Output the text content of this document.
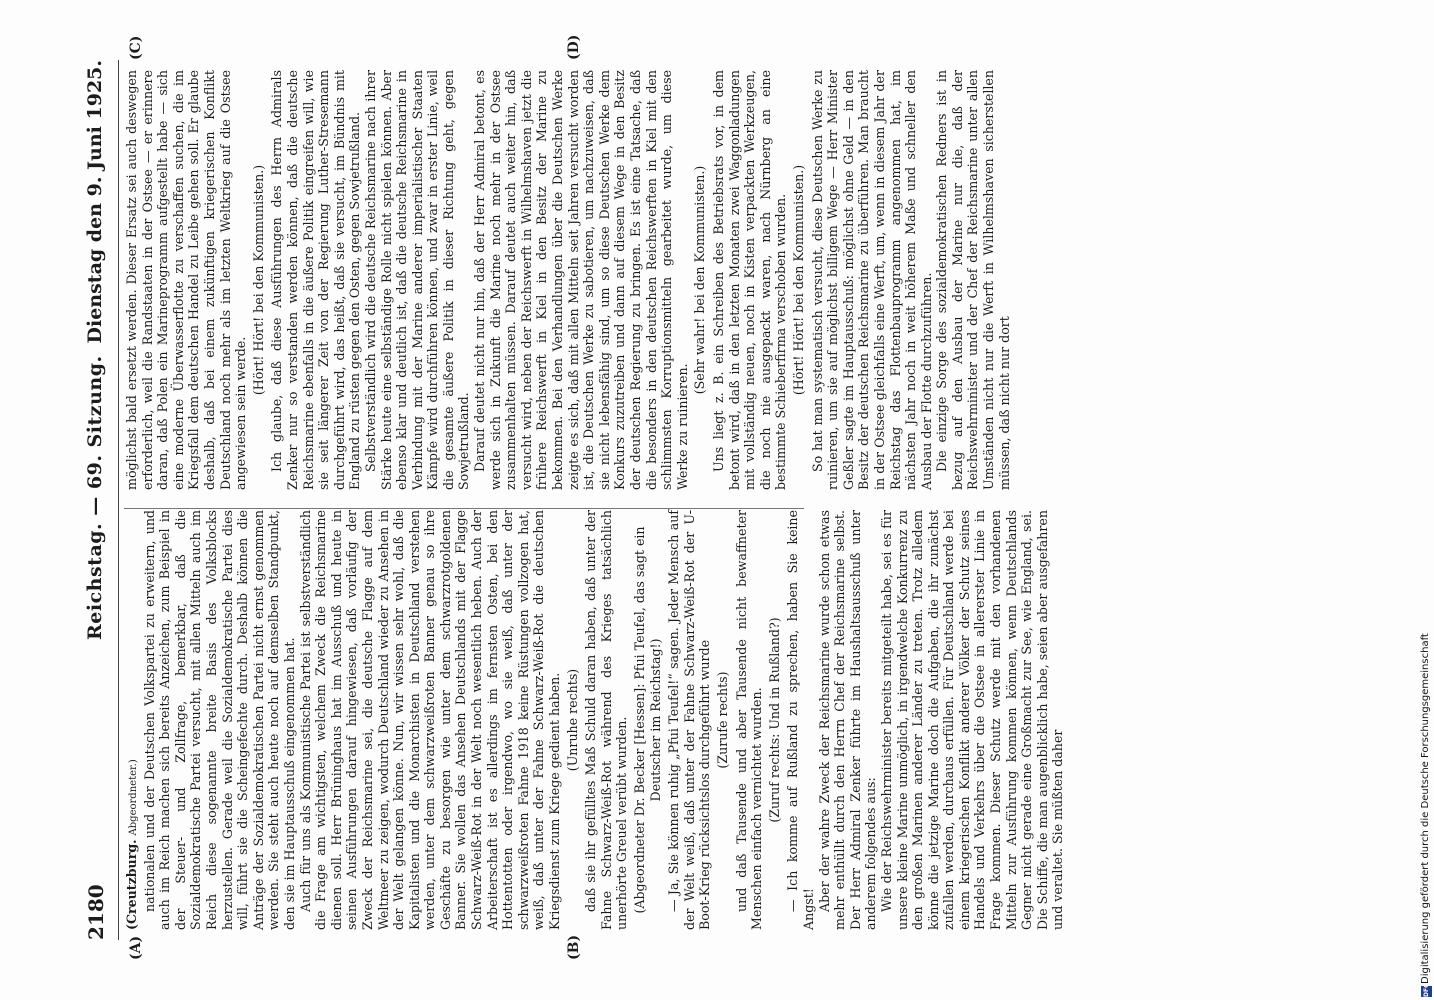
2180
Reichstag. — 69. Sitzung.
Dienstag den 9. Juni 1925.
(A)	(B)
(C)	(D)

(Creutzburg. Abgeordneter.) nationalen und der Deutschen Volkspartei zu erweitern, und auch im Reich machen sich bereits Anzeichen, zum Beispiel in der Steuer- und Zollfrage, bemerkbar, daß die Sozialdemokratische Partei versucht, mit allen Mitteln auch im Reich diese sogenannte breite Basis des Volksblocks herzustellen. Gerade weil die Sozialdemokratische Partei dies will, führt sie die Scheingefechte durch. Deshalb können die Anträge der Sozialdemokratischen Partei nicht ernst genommen werden. Sie steht auch heute noch auf demselben Standpunkt, den sie im Hauptausschuß eingenommen hat. Auch für uns als Kommunistische Partei ist selbstverständlich die Frage am wichtigsten, welchem Zweck die Reichsmarine dienen soll. Herr Brüninghaus hat im Ausschuß und heute in seinen Ausführungen darauf hingewiesen, daß vorläufig der Zweck der Reichsmarine sei, die deutsche Flagge auf dem Weltmeer zu zeigen, wodurch Deutschland wieder zu Ansehen in der Welt gelangen könne. Nun, wir wissen sehr wohl, daß die Kapitalisten und die Monarchisten in Deutschland verstehen werden, unter dem schwarzweißroten Banner genau so ihre Geschäfte zu besorgen wie unter dem schwarzrotgoldenen Banner. Sie wollen das Ansehen Deutschlands mit der Flagge Schwarz-Weiß-Rot in der Welt noch wesentlich heben. Auch der Arbeiterschaft ist es allerdings im fernsten Osten, bei den Hottentotten oder irgendwo, wo sie weiß, daß unter der schwarzweißroten Fahne 1918 keine Rüstungen vollzogen hat, weiß, daß unter der Fahne Schwarz-Weiß-Rot die deutschen Kriegsdienst zum Kriege gedient haben. (Unruhe rechts) daß sie ihr gefülltes Maß Schuld daran haben, daß unter der Fahne Schwarz-Weiß-Rot während des Krieges tatsächlich unerhörte Greuel verübt wurden. (Abgeordneter Dr. Becker [Hessen]: Pfui Teufel, das sagt ein Deutscher im Reichstag!) — Ja, Sie können ruhig „Pfui Teufel!“ sagen. Jeder Mensch auf der Welt weiß, daß unter der Fahne Schwarz-Weiß-Rot der U-Boot-Krieg rücksichtslos durchgeführt wurde (Zurufe rechts) und daß Tausende und aber Tausende nicht bewaffneter Menschen einfach vernichtet wurden. (Zuruf rechts: Und in Rußland?) — Ich komme auf Rußland zu sprechen, haben Sie keine Angst! Aber der wahre Zweck der Reichsmarine wurde schon etwas mehr enthüllt durch den Herrn Chef der Reichsmarine selbst. Der Herr Admiral Zenker führte im Haushaltsausschuß unter anderem folgendes aus: Wie der Reichswehrminister bereits mitgeteilt habe, sei es für unsere kleine Marine unmöglich, in irgendwelche Konkurrenz zu den großen Marinen anderer Länder zu treten. Trotz alledem könne die jetzige Marine doch die Aufgaben, die ihr zunächst zufallen werden, durchaus erfüllen. Für Deutschland werde bei einem kriegerischen Konflikt anderer Völker der Schutz seines Handels und Verkehrs über die Ostsee in allererster Linie in Frage kommen. Dieser Schutz werde mit den vorhandenen Mitteln zur Ausführung kommen können, wenn Deutschlands Gegner nicht gerade eine Großmacht zur See, wie England, sei. Die Schiffe, die man augenblicklich habe, seien aber ausgefahren und veraltet. Sie müßten daher

möglichst bald ersetzt werden. Dieser Ersatz sei auch deswegen erforderlich, weil die Randstaaten in der Ostsee — er erinnere daran, daß Polen ein Marineprogramm aufgestellt habe — sich eine moderne Überwasserflotte zu verschaffen suchen, die im Kriegsfall dem deutschen Handel zu Leibe gehen soll. Er glaube deshalb, daß bei einem zukünftigen kriegerischen Konflikt Deutschland noch mehr als im letzten Weltkrieg auf die Ostsee angewiesen sein werde.

(Hört! Hört! bei den Kommunisten.) Ich glaube, daß diese Ausführungen des Herrn Admirals Zenker nur so verstanden werden können, daß die deutsche Reichsmarine ebenfalls in die äußere Politik eingreifen will, wie sie seit längerer Zeit von der Regierung Luther-Stresemann durchgeführt wird, das heißt, daß sie versucht, im Bündnis mit England zu rüsten gegen den Osten, gegen Sowjetrußland. Selbstverständlich wird die deutsche Reichsmarine nach ihrer Stärke heute eine selbständige Rolle nicht spielen können. Aber ebenso klar und deutlich ist, daß die deutsche Reichsmarine in Verbindung mit der Marine anderer imperialistischer Staaten Kämpfe wird durchführen können, und zwar in erster Linie, weil die gesamte äußere Politik in dieser Richtung geht, gegen Sowjetrußland. Darauf deutet nicht nur hin, daß der Herr Admiral betont, es werde sich in Zukunft die Marine noch mehr in der Ostsee zusammenhalten müssen. Darauf deutet auch weiter hin, daß versucht wird, neben der Reichswerft in Wilhelmshaven jetzt die frühere Reichswerft in Kiel in den Besitz der Marine zu bekommen. Bei den Verhandlungen über die Deutschen Werke zeigte es sich, daß mit allen Mitteln seit Jahren versucht worden ist, die Deutschen Werke zu sabotieren, um nachzuweisen, daß sie nicht lebensfähig sind, um so diese Deutschen Werke dem Konkurs zuzutreiben und dann auf diesem Wege in den Besitz der deutschen Regierung zu bringen. Es ist eine Tatsache, daß die besonders in den deutschen Reichswerften in Kiel mit den schlimmsten Korruptionsmitteln gearbeitet wurde, um diese Werke zu ruinieren.

(Sehr wahr! bei den Kommunisten.) Uns liegt z. B. ein Schreiben des Betriebsrats vor, in dem betont wird, daß in den letzten Monaten zwei Waggonladungen mit vollständig neuen, noch in Kisten verpackten Werkzeugen, die noch nie ausgepackt waren, nach Nürnberg an eine bestimmte Schieberfirma verschoben wurden. (Hört! Hört! bei den Kommunisten.) So hat man systematisch versucht, diese Deutschen Werke zu ruinieren, um sie auf möglichst billigem Wege — Herr Minister Geßler sagte im Hauptausschuß: möglichst ohne Geld — in den Besitz der deutschen Reichsmarine zu überführen. Man braucht in der Ostsee gleichfalls eine Werft, um, wenn in diesem Jahr der Reichstag das Flottenbauprogramm angenommen hat, im nächsten Jahr noch in weit höherem Maße und schneller den Ausbau der Flotte durchzuführen. Die einzige Sorge des sozialdemokratischen Redners ist in bezug auf den Ausbau der Marine nur die, daß der Reichswehrminister und der Chef der Reichsmarine unter allen Umständen nicht nur die Werft in Wilhelmshaven sicherstellen müssen, daß nicht nur dort

DFG
Digitalisierung gefördert durch die Deutsche Forschungsgemeinschaft
